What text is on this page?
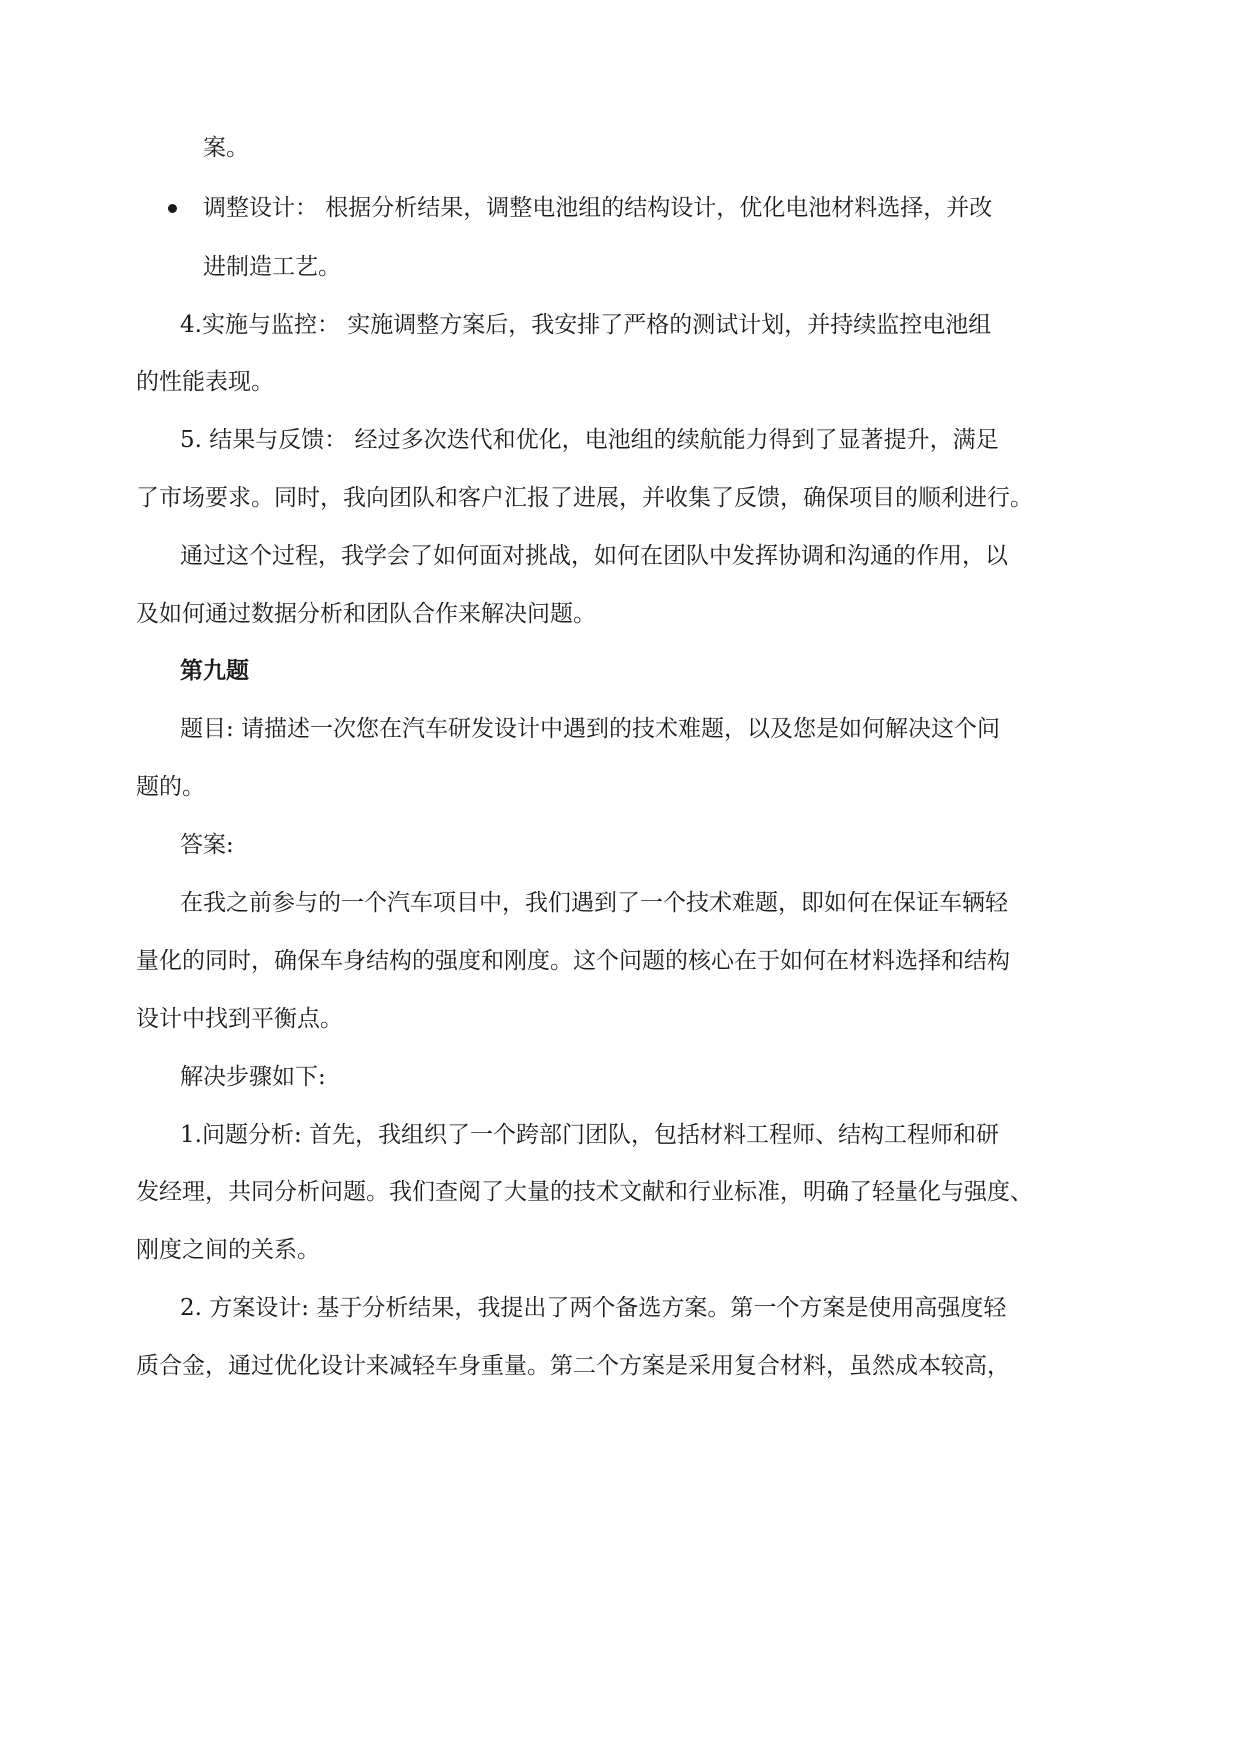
案。

调整设计： 根据分析结果，调整电池组的结构设计，优化电池材料选择，并改

进制造工艺。

4.实施与监控： 实施调整方案后，我安排了严格的测试计划，并持续监控电池组

的性能表现。

5. 结果与反馈： 经过多次迭代和优化，电池组的续航能力得到了显著提升，满足

了市场要求。同时，我向团队和客户汇报了进展，并收集了反馈，确保项目的顺利进行。

通过这个过程，我学会了如何面对挑战，如何在团队中发挥协调和沟通的作用，以

及如何通过数据分析和团队合作来解决问题。

第九题

题目: 请描述一次您在汽车研发设计中遇到的技术难题，以及您是如何解决这个问

题的。

答案:

在我之前参与的一个汽车项目中，我们遇到了一个技术难题，即如何在保证车辆轻

量化的同时，确保车身结构的强度和刚度。这个问题的核心在于如何在材料选择和结构

设计中找到平衡点。

解决步骤如下:

1.问题分析: 首先，我组织了一个跨部门团队，包括材料工程师、结构工程师和研

发经理，共同分析问题。我们查阅了大量的技术文献和行业标准，明确了轻量化与强度、

刚度之间的关系。

2. 方案设计: 基于分析结果，我提出了两个备选方案。第一个方案是使用高强度轻

质合金，通过优化设计来减轻车身重量。第二个方案是采用复合材料，虽然成本较高，
